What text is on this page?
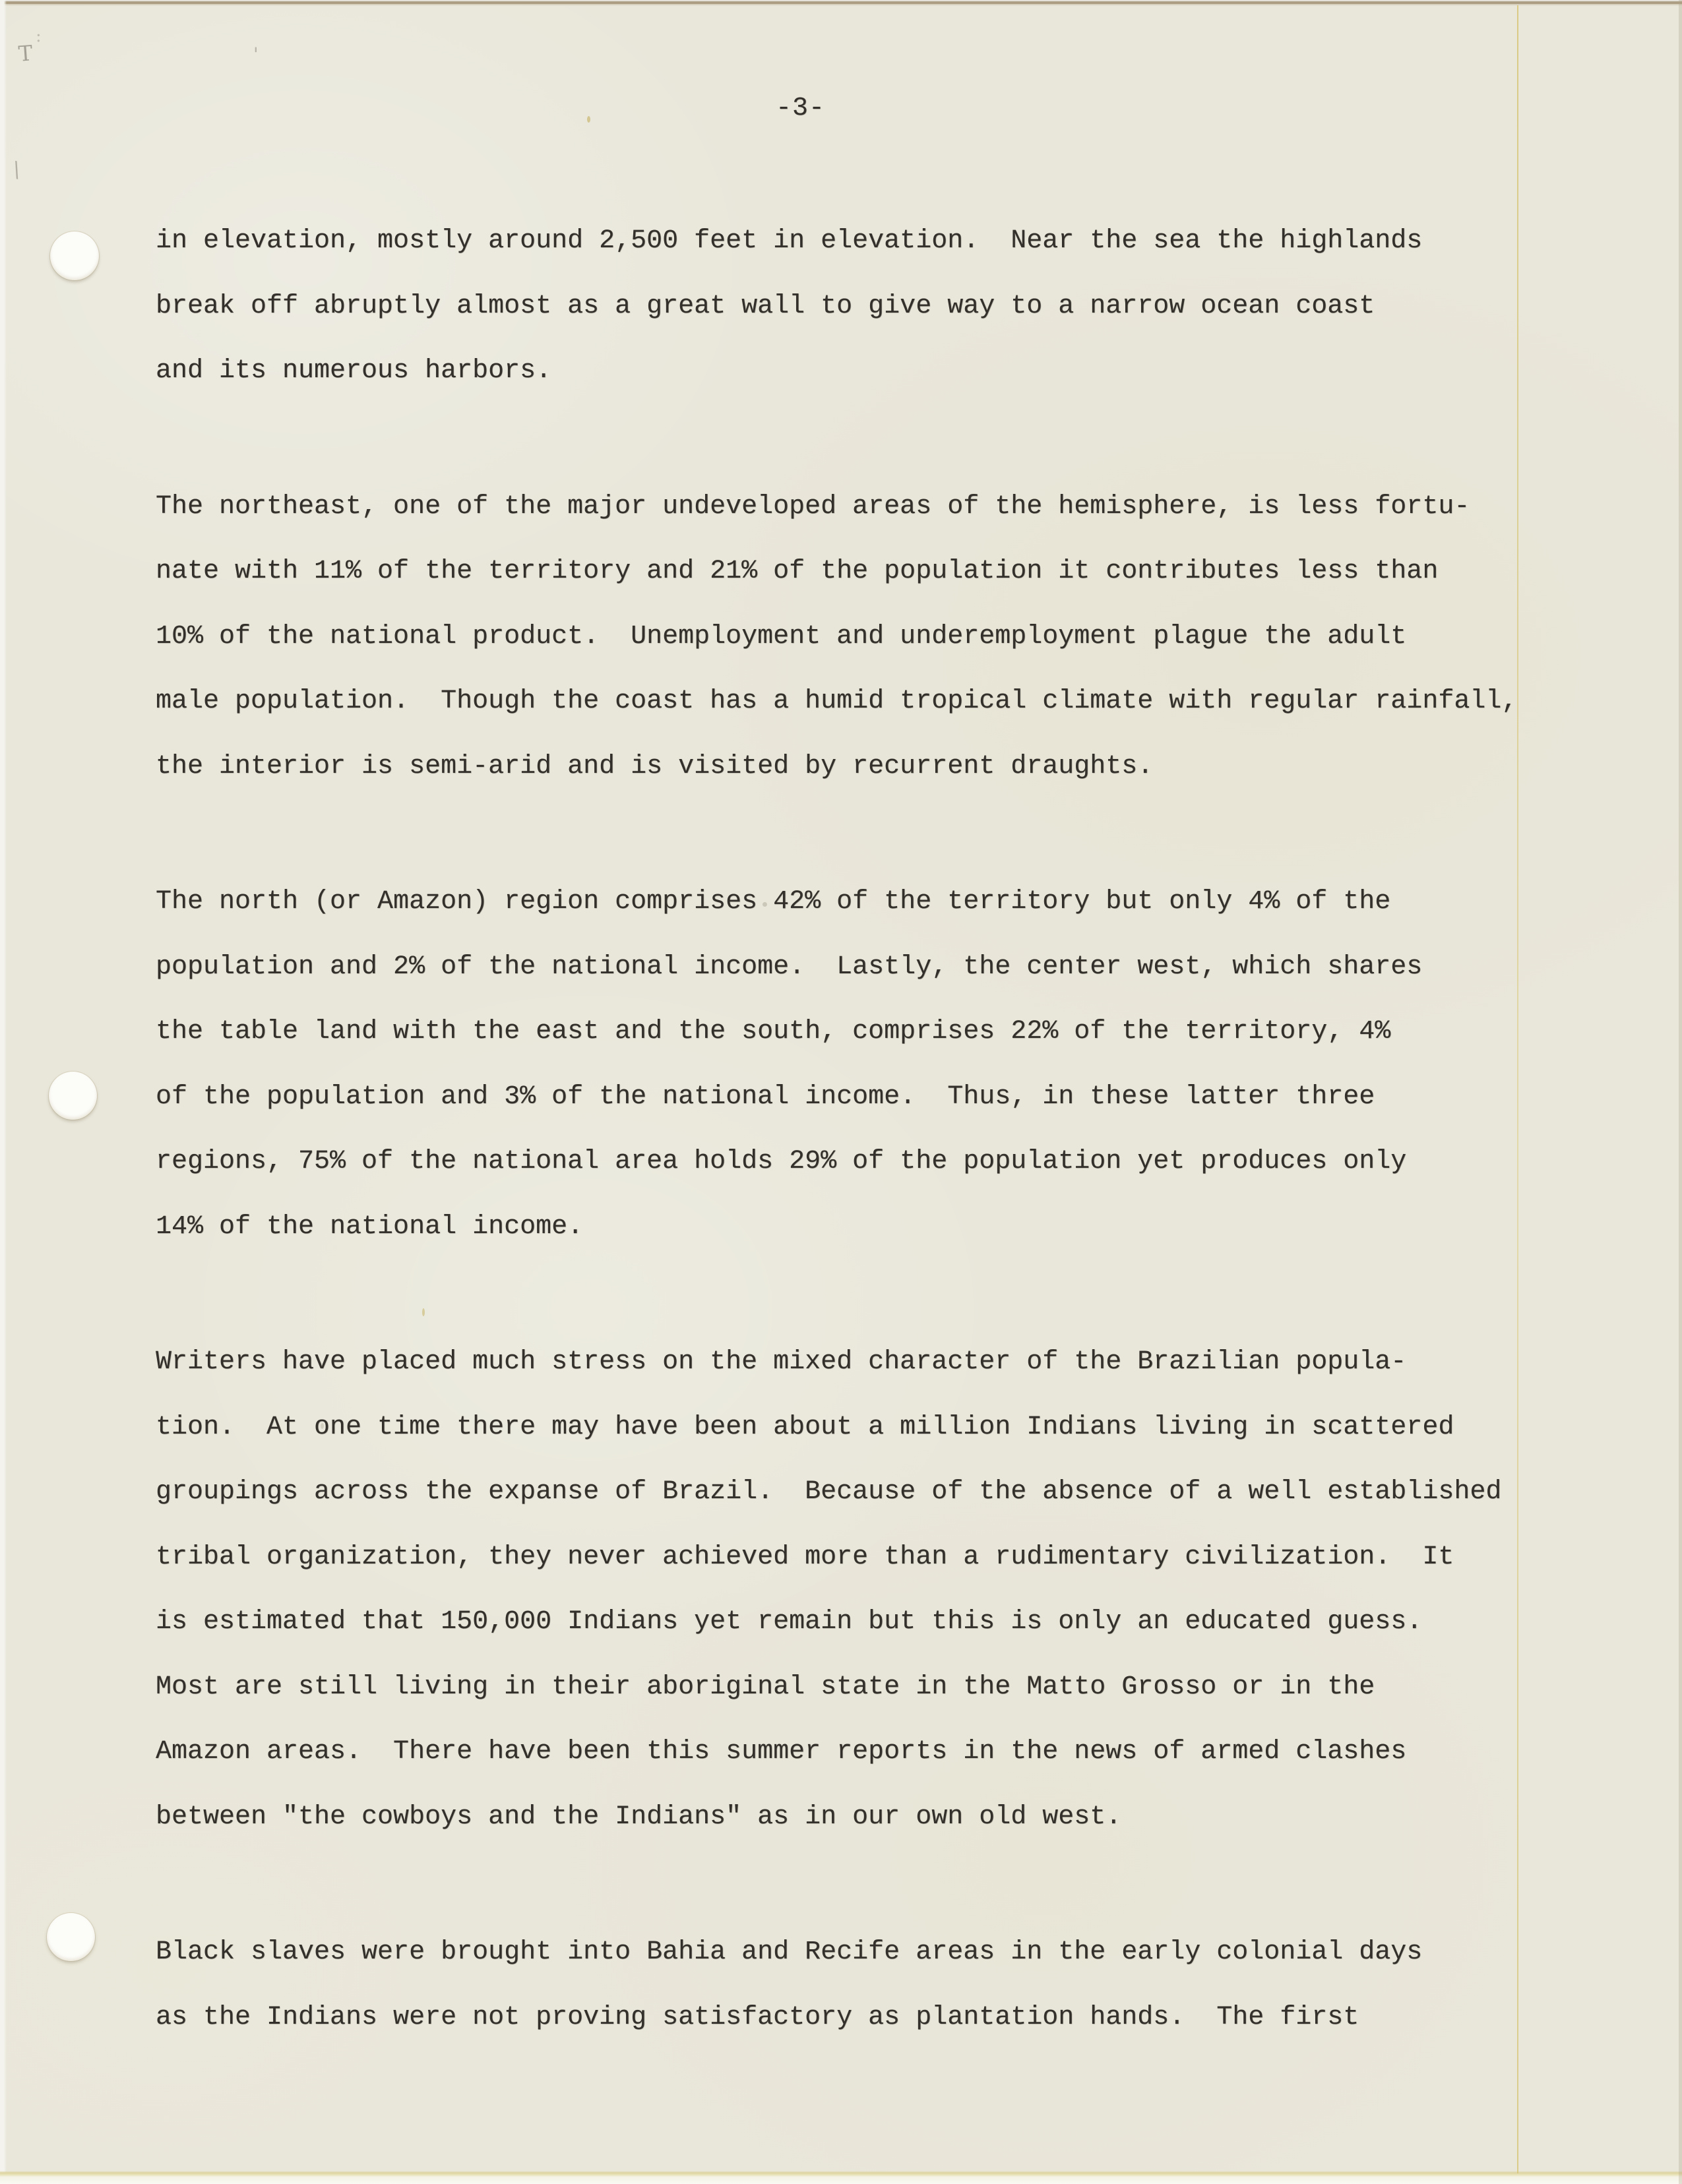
-3-
in elevation, mostly around 2,500 feet in elevation.  Near the sea the highlands
break off abruptly almost as a great wall to give way to a narrow ocean coast
and its numerous harbors.
The northeast, one of the major undeveloped areas of the hemisphere, is less fortu-
nate with 11% of the territory and 21% of the population it contributes less than
10% of the national product.  Unemployment and underemployment plague the adult
male population.  Though the coast has a humid tropical climate with regular rainfall,
the interior is semi-arid and is visited by recurrent draughts.
The north (or Amazon) region comprises 42% of the territory but only 4% of the
population and 2% of the national income.  Lastly, the center west, which shares
the table land with the east and the south, comprises 22% of the territory, 4%
of the population and 3% of the national income.  Thus, in these latter three
regions, 75% of the national area holds 29% of the population yet produces only
14% of the national income.
Writers have placed much stress on the mixed character of the Brazilian popula-
tion.  At one time there may have been about a million Indians living in scattered
groupings across the expanse of Brazil.  Because of the absence of a well established
tribal organization, they never achieved more than a rudimentary civilization.  It
is estimated that 150,000 Indians yet remain but this is only an educated guess.
Most are still living in their aboriginal state in the Matto Grosso or in the
Amazon areas.  There have been this summer reports in the news of armed clashes
between "the cowboys and the Indians" as in our own old west.
Black slaves were brought into Bahia and Recife areas in the early colonial days
as the Indians were not proving satisfactory as plantation hands.  The first
T	'
\
:
